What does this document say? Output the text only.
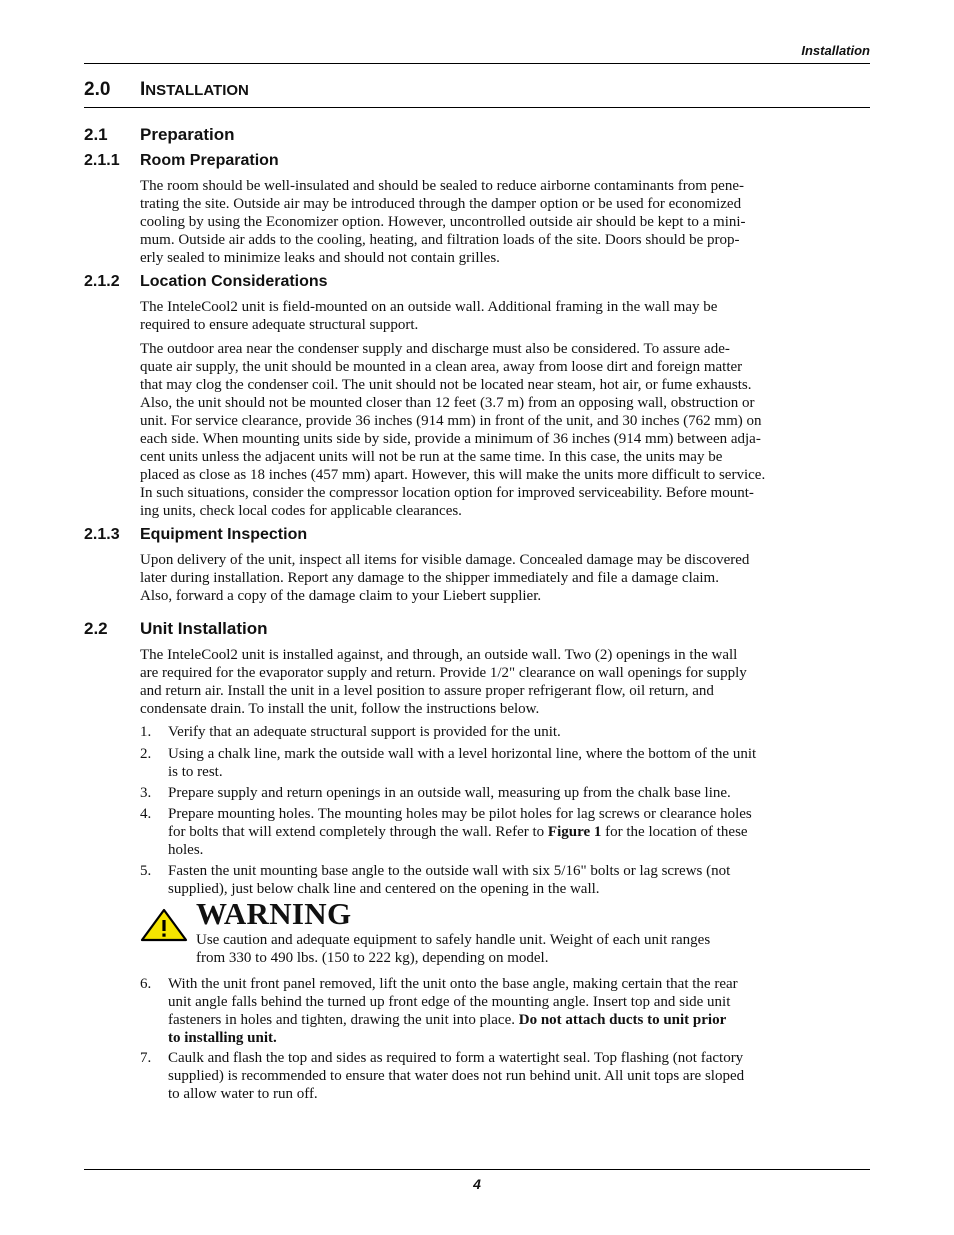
Installation
2.0 INSTALLATION
2.1 Preparation
2.1.1 Room Preparation
The room should be well-insulated and should be sealed to reduce airborne contaminants from pene-
trating the site. Outside air may be introduced through the damper option or be used for economized
cooling by using the Economizer option. However, uncontrolled outside air should be kept to a mini-
mum. Outside air adds to the cooling, heating, and filtration loads of the site. Doors should be prop-
erly sealed to minimize leaks and should not contain grilles.
2.1.2 Location Considerations
The InteleCool2 unit is field-mounted on an outside wall. Additional framing in the wall may be
required to ensure adequate structural support.
The outdoor area near the condenser supply and discharge must also be considered. To assure ade-
quate air supply, the unit should be mounted in a clean area, away from loose dirt and foreign matter
that may clog the condenser coil. The unit should not be located near steam, hot air, or fume exhausts.
Also, the unit should not be mounted closer than 12 feet (3.7 m) from an opposing wall, obstruction or
unit. For service clearance, provide 36 inches (914 mm) in front of the unit, and 30 inches (762 mm) on
each side. When mounting units side by side, provide a minimum of 36 inches (914 mm) between adja-
cent units unless the adjacent units will not be run at the same time. In this case, the units may be
placed as close as 18 inches (457 mm) apart. However, this will make the units more difficult to service.
In such situations, consider the compressor location option for improved serviceability. Before mount-
ing units, check local codes for applicable clearances.
2.1.3 Equipment Inspection
Upon delivery of the unit, inspect all items for visible damage. Concealed damage may be discovered
later during installation. Report any damage to the shipper immediately and file a damage claim.
Also, forward a copy of the damage claim to your Liebert supplier.
2.2 Unit Installation
The InteleCool2 unit is installed against, and through, an outside wall. Two (2) openings in the wall
are required for the evaporator supply and return. Provide 1/2" clearance on wall openings for supply
and return air. Install the unit in a level position to assure proper refrigerant flow, oil return, and
condensate drain. To install the unit, follow the instructions below.
1. Verify that an adequate structural support is provided for the unit.
2. Using a chalk line, mark the outside wall with a level horizontal line, where the bottom of the unit
is to rest.
3. Prepare supply and return openings in an outside wall, measuring up from the chalk base line.
4. Prepare mounting holes. The mounting holes may be pilot holes for lag screws or clearance holes
for bolts that will extend completely through the wall. Refer to Figure 1 for the location of these
holes.
5. Fasten the unit mounting base angle to the outside wall with six 5/16" bolts or lag screws (not
supplied), just below chalk line and centered on the opening in the wall.
WARNING
Use caution and adequate equipment to safely handle unit. Weight of each unit ranges
from 330 to 490 lbs. (150 to 222 kg), depending on model.
6. With the unit front panel removed, lift the unit onto the base angle, making certain that the rear
unit angle falls behind the turned up front edge of the mounting angle. Insert top and side unit
fasteners in holes and tighten, drawing the unit into place. Do not attach ducts to unit prior
to installing unit.
7. Caulk and flash the top and sides as required to form a watertight seal. Top flashing (not factory
supplied) is recommended to ensure that water does not run behind unit. All unit tops are sloped
to allow water to run off.
4
